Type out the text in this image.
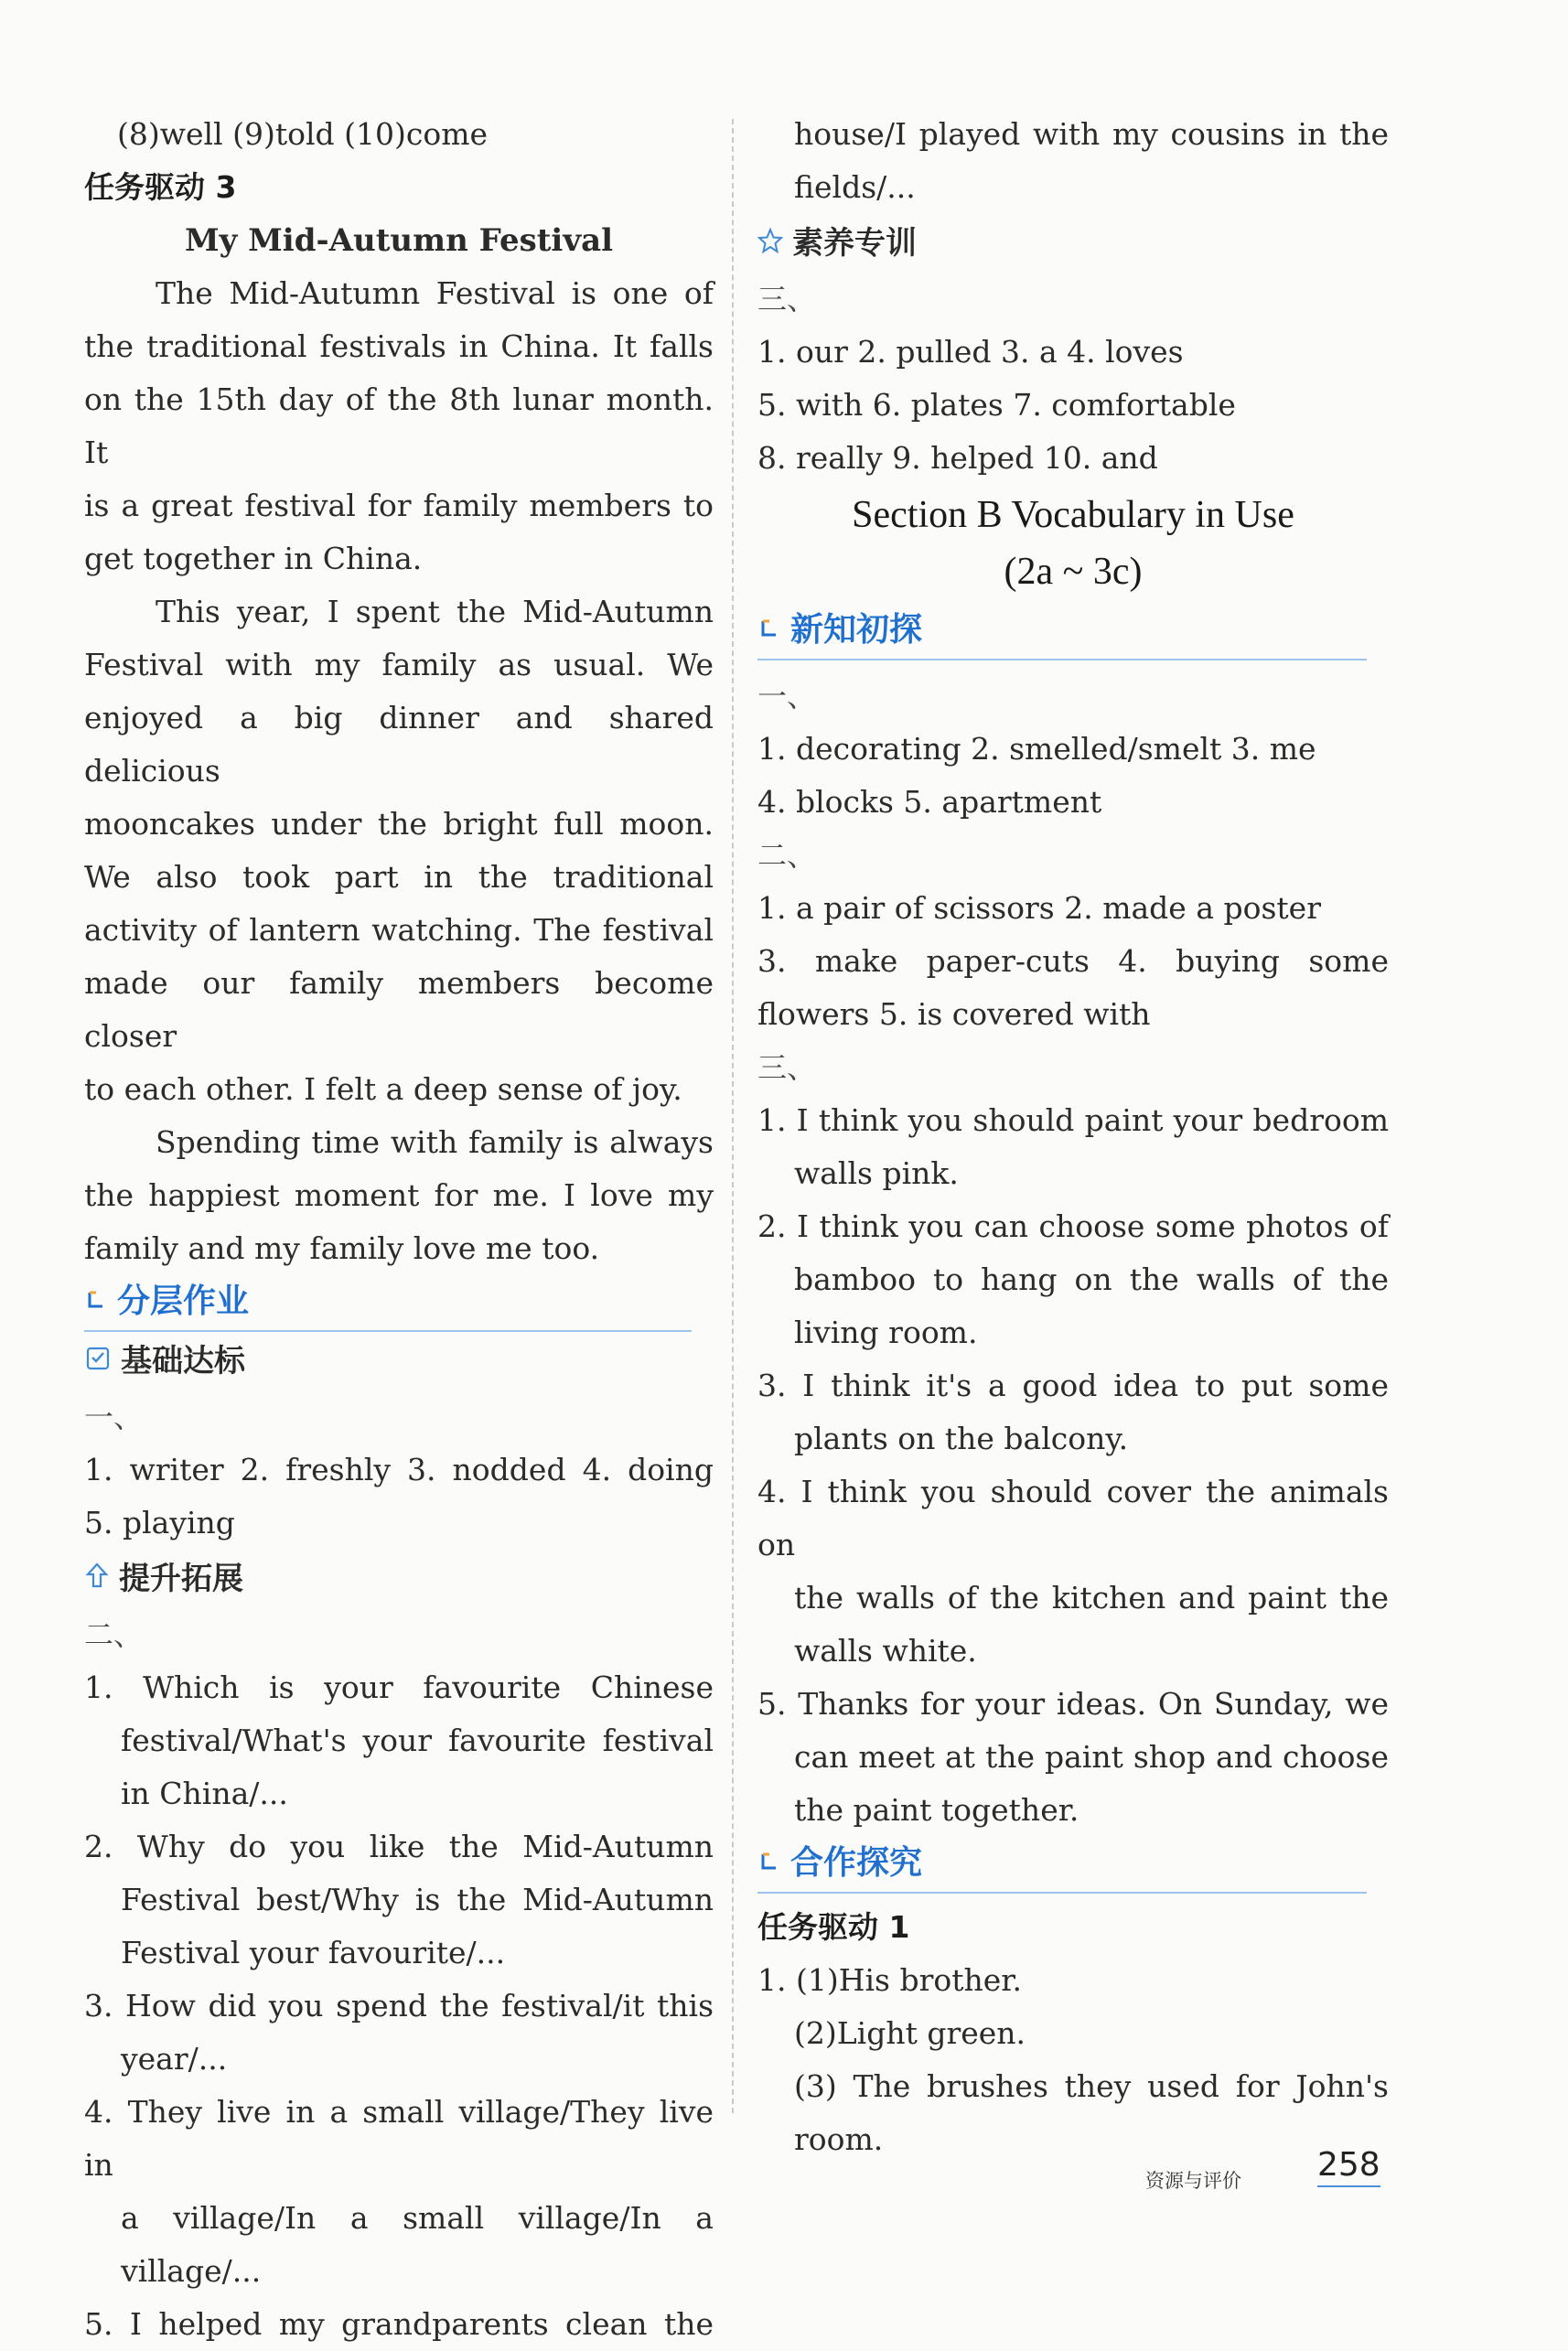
(8)well (9)told (10)come
任务驱动 3
My Mid-Autumn Festival
The Mid-Autumn Festival is one of
the traditional festivals in China. It falls
on the 15th day of the 8th lunar month. It
is a great festival for family members to
get together in China.
This year, I spent the Mid-Autumn
Festival with my family as usual. We
enjoyed a big dinner and shared delicious
mooncakes under the bright full moon.
We also took part in the traditional
activity of lantern watching. The festival
made our family members become closer
to each other. I felt a deep sense of joy.
Spending time with family is always
the happiest moment for me. I love my
family and my family love me too.
分层作业
基础达标
一、
1. writer 2. freshly 3. nodded 4. doing
5. playing
提升拓展
二、
1. Which is your favourite Chinese
festival/What's your favourite festival
in China/...
2. Why do you like the Mid-Autumn
Festival best/Why is the Mid-Autumn
Festival your favourite/...
3. How did you spend the festival/it this
year/...
4. They live in a small village/They live in
a village/In a small village/In a
village/...
5. I helped my grandparents clean the
house/I played with my cousins in the
fields/...
素养专训
三、
1. our 2. pulled 3. a 4. loves
5. with 6. plates 7. comfortable
8. really 9. helped 10. and
Section B Vocabulary in Use
(2a ~ 3c)
新知初探
一、
1. decorating 2. smelled/smelt 3. me
4. blocks 5. apartment
二、
1. a pair of scissors 2. made a poster
3. make paper-cuts 4. buying some
flowers 5. is covered with
三、
1. I think you should paint your bedroom
walls pink.
2. I think you can choose some photos of
bamboo to hang on the walls of the
living room.
3. I think it's a good idea to put some
plants on the balcony.
4. I think you should cover the animals on
the walls of the kitchen and paint the
walls white.
5. Thanks for your ideas. On Sunday, we
can meet at the paint shop and choose
the paint together.
合作探究
任务驱动 1
1. (1)His brother.
(2)Light green.
(3) The brushes they used for John's
room.
资源与评价 258
